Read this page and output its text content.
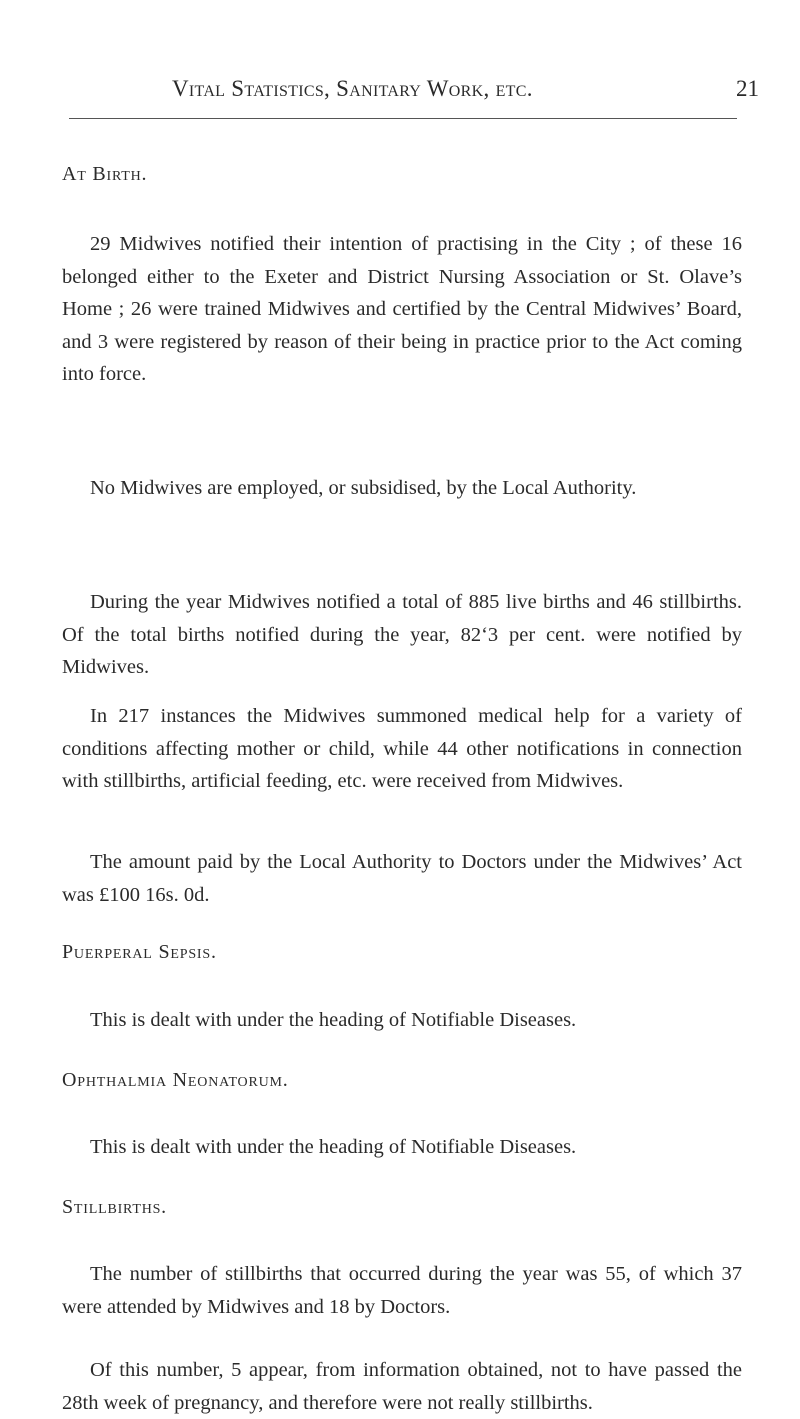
Vital Statistics, Sanitary Work, etc.	21
At Birth.
29 Midwives notified their intention of practising in the City ; of these 16 belonged either to the Exeter and District Nursing Association or St. Olave’s Home ; 26 were trained Midwives and certified by the Central Midwives’ Board, and 3 were registered by reason of their being in practice prior to the Act coming into force.
No Midwives are employed, or subsidised, by the Local Authority.
During the year Midwives notified a total of 885 live births and 46 stillbirths. Of the total births notified during the year, 82‘3 per cent. were notified by Midwives.
In 217 instances the Midwives summoned medical help for a variety of conditions affecting mother or child, while 44 other notifications in connection with stillbirths, artificial feeding, etc. were received from Midwives.
The amount paid by the Local Authority to Doctors under the Midwives’ Act was £100 16s. 0d.
Puerperal Sepsis.
This is dealt with under the heading of Notifiable Diseases.
Ophthalmia Neonatorum.
This is dealt with under the heading of Notifiable Diseases.
Stillbirths.
The number of stillbirths that occurred during the year was 55, of which 37 were attended by Midwives and 18 by Doctors.
Of this number, 5 appear, from information obtained, not to have passed the 28th week of pregnancy, and therefore were not really stillbirths.
